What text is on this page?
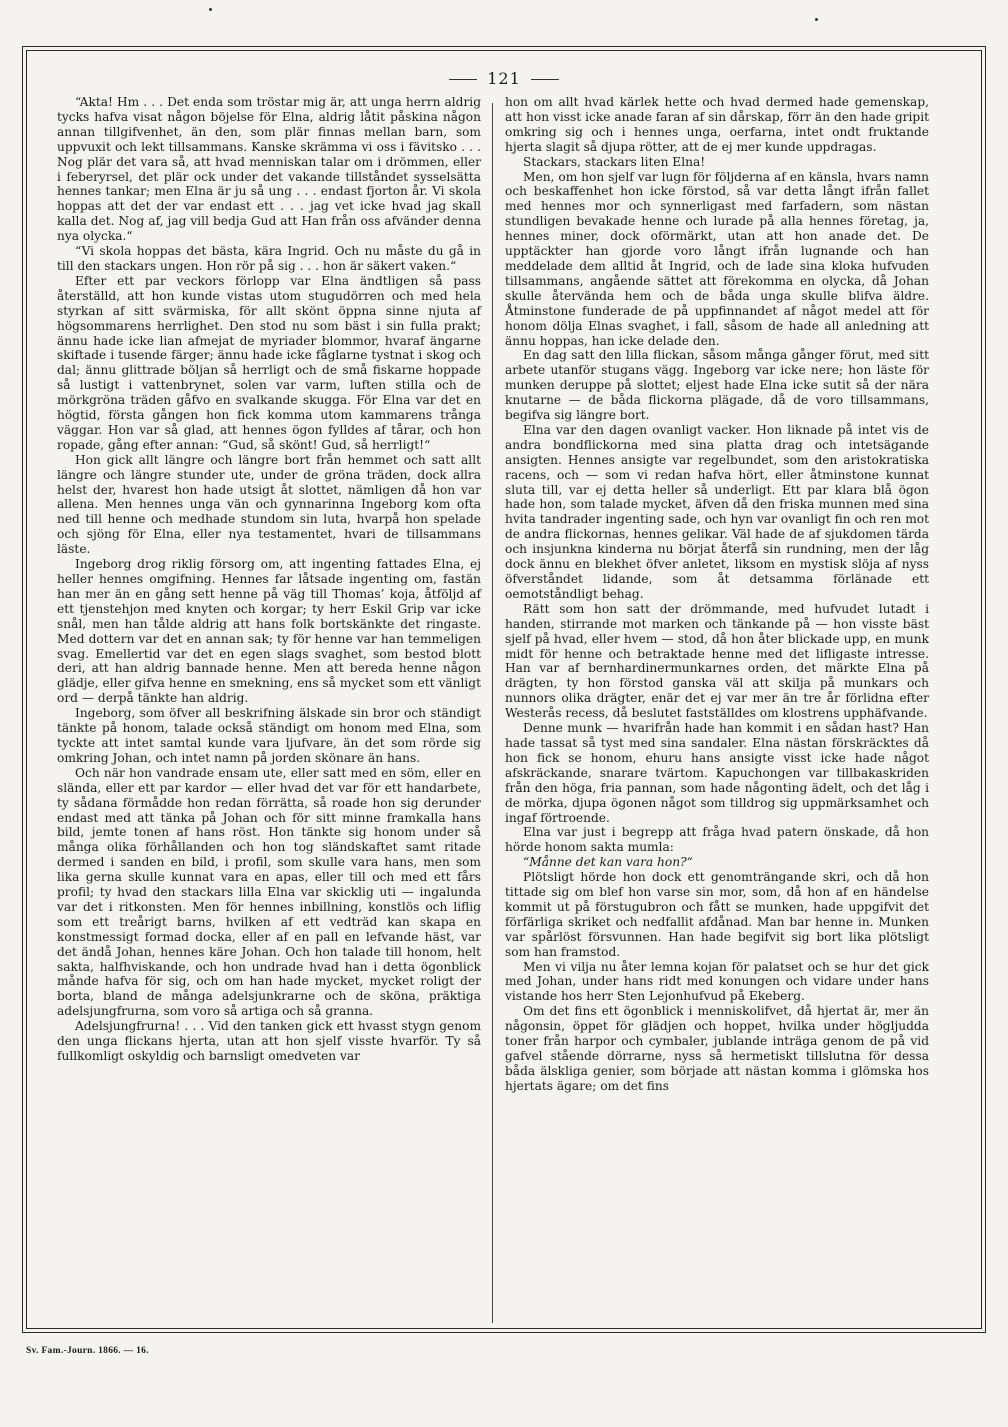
121

“Akta! Hm . . . Det enda som tröstar mig är, att unga herrn aldrig tycks hafva visat någon böjelse för Elna, aldrig låtit påskina någon annan tillgifvenhet, än den, som plär finnas mellan barn, som uppvuxit och lekt tillsammans. Kanske skrämma vi oss i fävitsko . . . Nog plär det vara så, att hvad menniskan talar om i drömmen, eller i feberyrsel, det plär ock under det vakande tillståndet sysselsätta hennes tankar; men Elna är ju så ung . . . endast fjorton år. Vi skola hoppas att det der var endast ett . . . jag vet icke hvad jag skall kalla det. Nog af, jag vill bedja Gud att Han från oss afvänder denna nya olycka.“

“Vi skola hoppas det bästa, kära Ingrid. Och nu måste du gå in till den stackars ungen. Hon rör på sig . . . hon är säkert vaken.“

Efter ett par veckors förlopp var Elna ändtligen så pass återställd, att hon kunde vistas utom stugudörren och med hela styrkan af sitt svärmiska, för allt skönt öppna sinne njuta af högsommarens herrlighet. Den stod nu som bäst i sin fulla prakt; ännu hade icke lian afmejat de myriader blommor, hvaraf ängarne skiftade i tusende färger; ännu hade icke fåglarne tystnat i skog och dal; ännu glittrade böljan så herrligt och de små fiskarne hoppade så lustigt i vattenbrynet, solen var varm, luften stilla och de mörkgröna träden gåfvo en svalkande skugga. För Elna var det en högtid, första gången hon fick komma utom kammarens trånga väggar. Hon var så glad, att hennes ögon fylldes af tårar, och hon ropade, gång efter annan: “Gud, så skönt! Gud, så herrligt!“

Hon gick allt längre och längre bort från hemmet och satt allt längre och längre stunder ute, under de gröna träden, dock allra helst der, hvarest hon hade utsigt åt slottet, nämligen då hon var allena. Men hennes unga vän och gynnarinna Ingeborg kom ofta ned till henne och medhade stundom sin luta, hvarpå hon spelade och sjöng för Elna, eller nya testamentet, hvari de tillsammans läste.

Ingeborg drog riklig försorg om, att ingenting fattades Elna, ej heller hennes omgifning. Hennes far låtsade ingenting om, fastän han mer än en gång sett henne på väg till Thomas’ koja, åtföljd af ett tjenstehjon med knyten och korgar; ty herr Eskil Grip var icke snål, men han tålde aldrig att hans folk bortskänkte det ringaste. Med dottern var det en annan sak; ty för henne var han temmeligen svag. Emellertid var det en egen slags svaghet, som bestod blott deri, att han aldrig bannade henne. Men att bereda henne någon glädje, eller gifva henne en smekning, ens så mycket som ett vänligt ord — derpå tänkte han aldrig.

Ingeborg, som öfver all beskrifning älskade sin bror och ständigt tänkte på honom, talade också ständigt om honom med Elna, som tyckte att intet samtal kunde vara ljufvare, än det som rörde sig omkring Johan, och intet namn på jorden skönare än hans.

Och när hon vandrade ensam ute, eller satt med en söm, eller en slända, eller ett par kardor — eller hvad det var för ett handarbete, ty sådana förmådde hon redan förrätta, så roade hon sig derunder endast med att tänka på Johan och för sitt minne framkalla hans bild, jemte tonen af hans röst. Hon tänkte sig honom under så många olika förhållanden och hon tog sländskaftet samt ritade dermed i sanden en bild, i profil, som skulle vara hans, men som lika gerna skulle kunnat vara en apas, eller till och med ett fårs profil; ty hvad den stackars lilla Elna var skicklig uti — ingalunda var det i ritkonsten. Men för hennes inbillning, konstlös och liflig som ett treårigt barns, hvilken af ett vedträd kan skapa en konstmessigt formad docka, eller af en pall en lefvande häst, var det ändå Johan, hennes käre Johan. Och hon talade till honom, helt sakta, halfhviskande, och hon undrade hvad han i detta ögonblick månde hafva för sig, och om han hade mycket, mycket roligt der borta, bland de många adelsjunkrarne och de sköna, präktiga adelsjungfrurna, som voro så artiga och så granna.

Adelsjungfrurna! . . . Vid den tanken gick ett hvasst stygn genom den unga flickans hjerta, utan att hon sjelf visste hvarför. Ty så fullkomligt oskyldig och barnsligt omedveten var

hon om allt hvad kärlek hette och hvad dermed hade gemenskap, att hon visst icke anade faran af sin dårskap, förr än den hade gripit omkring sig och i hennes unga, oerfarna, intet ondt fruktande hjerta slagit så djupa rötter, att de ej mer kunde uppdragas.

Stackars, stackars liten Elna!

Men, om hon sjelf var lugn för följderna af en känsla, hvars namn och beskaffenhet hon icke förstod, så var detta långt ifrån fallet med hennes mor och synnerligast med farfadern, som nästan stundligen bevakade henne och lurade på alla hennes företag, ja, hennes miner, dock oförmärkt, utan att hon anade det. De upptäckter han gjorde voro långt ifrån lugnande och han meddelade dem alltid åt Ingrid, och de lade sina kloka hufvuden tillsammans, angående sättet att förekomma en olycka, då Johan skulle återvända hem och de båda unga skulle blifva äldre. Åtminstone funderade de på uppfinnandet af något medel att för honom dölja Elnas svaghet, i fall, såsom de hade all anledning att ännu hoppas, han icke delade den.

En dag satt den lilla flickan, såsom många gånger förut, med sitt arbete utanför stugans vägg. Ingeborg var icke nere; hon läste för munken deruppe på slottet; eljest hade Elna icke sutit så der nära knutarne — de båda flickorna plägade, då de voro tillsammans, begifva sig längre bort.

Elna var den dagen ovanligt vacker. Hon liknade på intet vis de andra bondflickorna med sina platta drag och intetsägande ansigten. Hennes ansigte var regelbundet, som den aristokratiska racens, och — som vi redan hafva hört, eller åtminstone kunnat sluta till, var ej detta heller så underligt. Ett par klara blå ögon hade hon, som talade mycket, äfven då den friska munnen med sina hvita tandrader ingenting sade, och hyn var ovanligt fin och ren mot de andra flickornas, hennes gelikar. Väl hade de af sjukdomen tärda och insjunkna kinderna nu börjat återfå sin rundning, men der låg dock ännu en blekhet öfver anletet, liksom en mystisk slöja af nyss öfverståndet lidande, som åt detsamma förlänade ett oemotståndligt behag.

Rätt som hon satt der drömmande, med hufvudet lutadt i handen, stirrande mot marken och tänkande på — hon visste bäst sjelf på hvad, eller hvem — stod, då hon åter blickade upp, en munk midt för henne och betraktade henne med det lifligaste intresse. Han var af bernhardinermunkarnes orden, det märkte Elna på drägten, ty hon förstod ganska väl att skilja på munkars och nunnors olika drägter, enär det ej var mer än tre år förlidna efter Westerås recess, då beslutet fastställdes om klostrens upphäfvande.

Denne munk — hvarifrån hade han kommit i en sådan hast? Han hade tassat så tyst med sina sandaler. Elna nästan förskräcktes då hon fick se honom, ehuru hans ansigte visst icke hade något afskräckande, snarare tvärtom. Kapuchongen var tillbakaskriden från den höga, fria pannan, som hade någonting ädelt, och det låg i de mörka, djupa ögonen något som tilldrog sig uppmärksamhet och ingaf förtroende.

Elna var just i begrepp att fråga hvad patern önskade, då hon hörde honom sakta mumla:

“Månne det kan vara hon?“

Plötsligt hörde hon dock ett genomträngande skri, och då hon tittade sig om blef hon varse sin mor, som, då hon af en händelse kommit ut på förstugubron och fått se munken, hade uppgifvit det förfärliga skriket och nedfallit afdånad. Man bar henne in. Munken var spårlöst försvunnen. Han hade begifvit sig bort lika plötsligt som han framstod.

Men vi vilja nu åter lemna kojan för palatset och se hur det gick med Johan, under hans ridt med konungen och vidare under hans vistande hos herr Sten Lejonhufvud på Ekeberg.

Om det fins ett ögonblick i menniskolifvet, då hjertat är, mer än någonsin, öppet för glädjen och hoppet, hvilka under högljudda toner från harpor och cymbaler, jublande inträga genom de på vid gafvel stående dörrarne, nyss så hermetiskt tillslutna för dessa båda älskliga genier, som började att nästan komma i glömska hos hjertats ägare; om det fins

Sv. Fam.-Journ. 1866. — 16.
